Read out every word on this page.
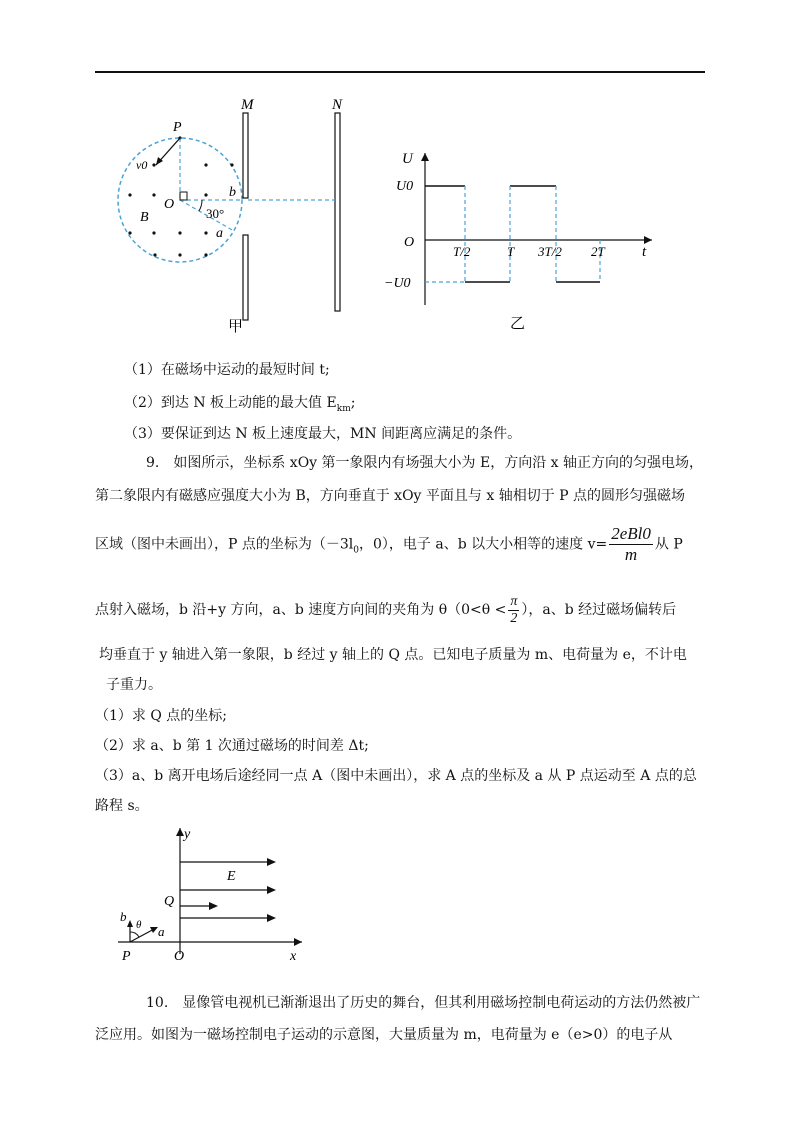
M	N
P
v0
O
b
a
B	30°
甲
U
U0
O
−U0
t
T/2	T 3T/2 2T
乙
（1）在磁场中运动的最短时间 t;
（2）到达 N 板上动能的最大值 $E_{km}$;
（3）要保证到达 N 板上速度最大，MN 间距离应满足的条件。
9.　如图所示，坐标系 xOy 第一象限内有场强大小为 E，方向沿 x 轴正方向的匀强电场，
第二象限内有磁感应强度大小为 B，方向垂直于 xOy 平面且与 x 轴相切于 P 点的圆形匀强磁场
区域（图中未画出），P 点的坐标为（$-3l_0$，0），电子 a、b 以大小相等的速度 $v= \frac{\text{2eBl0}}{m}$ 从 P
点射入磁场，b 沿+y 方向，a、b 速度方向间的夹角为 $\theta(0<\theta < \frac{\pi}{2}$ ），a、b 经过磁场偏转后
均垂直于 y 轴进入第一象限，b 经过 y 轴上的 Q 点。已知电子质量为 m、电荷量为 e，不计电
子重力。
（1）求 Q 点的坐标;
（2）求 a、b 第 1 次通过磁场的时间差 Δt;
（3）a、b 离开电场后途经同一点 A（图中未画出），求 A 点的坐标及 a 从 P 点运动至 A 点的总
路程 s。
y
E
Q
b
θ a
P	O	x
10.　显像管电视机已渐渐退出了历史的舞台，但其利用磁场控制电荷运动的方法仍然被广
泛应用。如图为一磁场控制电子运动的示意图，大量质量为 m，电荷量为 e（e>0）的电子从
